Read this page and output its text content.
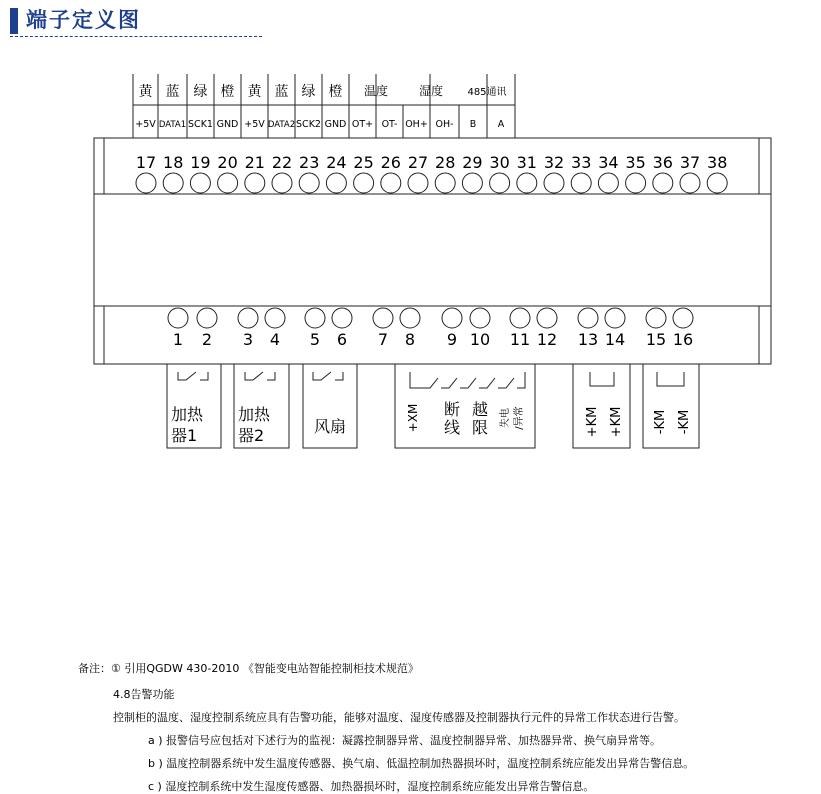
端子定义图
黄 蓝 绿 橙 黄 蓝 绿 橙 温度	湿度 485通讯
+5V DATA1 SCK1 GND +5V DATA2 SCK2 GND OT+ OT- OH+ OH- B A
17 18 19 20 21 22 23 24 25 26 27 28 29 30 31 32 33 34 35 36 37 38
1 2 3 4 5 6 7 8 9 10 11 12 13 14 15 16
加热
器1
加热
器2	风扇	+XM 断
线
越
限 失电 /异常	+KM +KM -KM -KM
备注：① 引用QGDW 430-2010 《智能变电站智能控制柜技术规范》
4.8告警功能
控制柜的温度、湿度控制系统应具有告警功能，能够对温度、湿度传感器及控制器执行元件的异常工作状态进行告警。
a ) 报警信号应包括对下述行为的监视：凝露控制器异常、温度控制器异常、加热器异常、换气扇异常等。
b ) 温度控制器系统中发生温度传感器、换气扇、低温控制加热器损坏时，温度控制系统应能发出异常告警信息。
c ) 湿度控制系统中发生湿度传感器、加热器损坏时，湿度控制系统应能发出异常告警信息。
